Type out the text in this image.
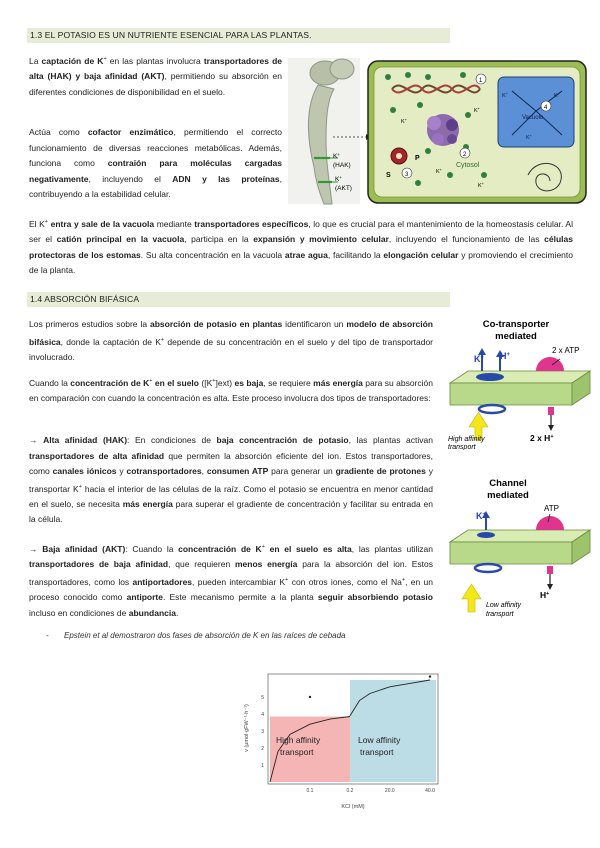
1.3 EL POTASIO ES UN NUTRIENTE ESENCIAL PARA LAS PLANTAS.

La captación de K+ en las plantas involucra transportadores de alta (HAK) y baja afinidad (AKT), permitiendo su absorción en diferentes condiciones de disponibilidad en el suelo.

Actúa como cofactor enzimático, permitiendo el correcto funcionamiento de diversas reacciones metabólicas. Además, funciona como contraión para moléculas cargadas negativamente, incluyendo el ADN y las proteínas, contribuyendo a la estabilidad celular.

K+
(HAK)
K+
(AKT)
P
S
K+
K+
K+
K+
1
2
3
Cytosol
Vacuolo
4
K+	K+
K+

El K+ entra y sale de la vacuola mediante transportadores específicos, lo que es crucial para el mantenimiento de la homeostasis celular. Al ser el catión principal en la vacuola, participa en la expansión y movimiento celular, incluyendo el funcionamiento de las células protectoras de los estomas. Su alta concentración en la vacuola atrae agua, facilitando la elongación celular y promoviendo el crecimiento de la planta.

1.4 ABSORCIÓN BIFÁSICA

Los primeros estudios sobre la absorción de potasio en plantas identificaron un modelo de absorción bifásica, donde la captación de K+ depende de su concentración en el suelo y del tipo de transportador involucrado.

Cuando la concentración de K+ en el suelo ([K+]ext) es baja, se requiere más energía para su absorción en comparación con cuando la concentración es alta. Este proceso involucra dos tipos de transportadores:

→ Alta afinidad (HAK): En condiciones de baja concentración de potasio, las plantas activan transportadores de alta afinidad que permiten la absorción eficiente del ion. Estos transportadores, como canales iónicos y cotransportadores, consumen ATP para generar un gradiente de protones y transportar K+ hacia el interior de las células de la raíz. Como el potasio se encuentra en menor cantidad en el suelo, se necesita más energía para superar el gradiente de concentración y facilitar su entrada en la célula.

→ Baja afinidad (AKT): Cuando la concentración de K+ en el suelo es alta, las plantas utilizan transportadores de baja afinidad, que requieren menos energía para la absorción del ion. Estos transportadores, como los antiportadores, pueden intercambiar K+ con otros iones, como el Na+, en un proceso conocido como antiporte. Este mecanismo permite a la planta seguir absorbiendo potasio incluso en condiciones de abundancia.

- Epstein et al demostraron dos fases de absorción de K en las raíces de cebada
Co-transporter
mediated
K+ H+	2 x ATP
2 x H+
High affinity
transport
Channel
mediated
K+
ATP
H+
Low affinity
transport
High affinity
transport
Low affinity
transport
1
2
3
4
5
0.1	0.2	20.0	40.0
KCl (mM)
v (μmol·gFW⁻¹·h⁻¹)
